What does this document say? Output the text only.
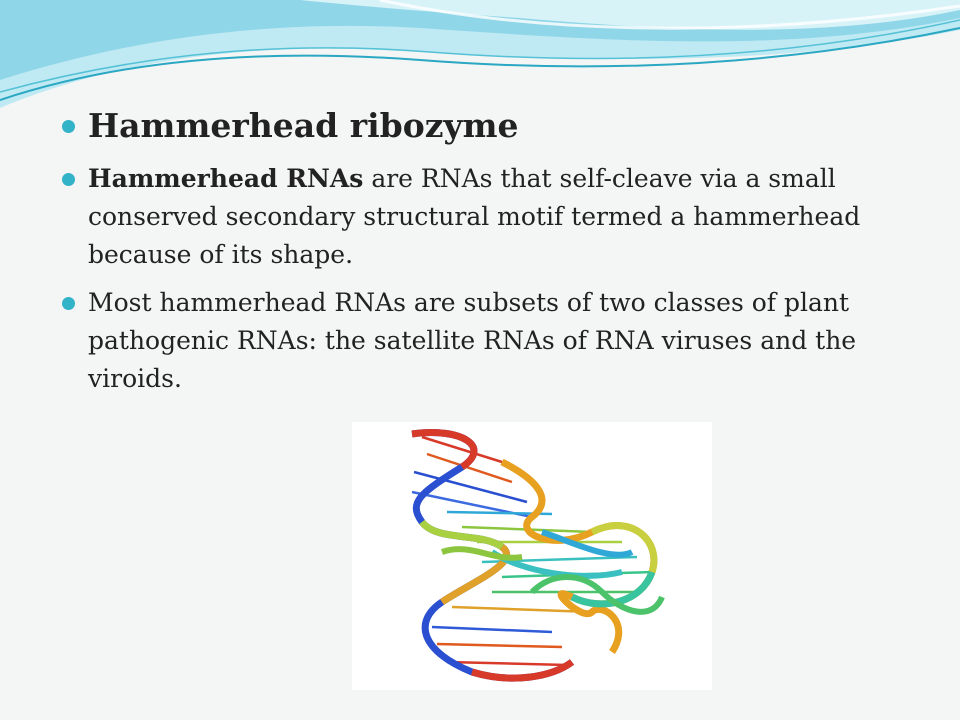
Hammerhead ribozyme
Hammerhead RNAs are RNAs that self-cleave via a small conserved secondary structural motif termed a hammerhead because of its shape.
Most hammerhead RNAs are subsets of two classes of plant pathogenic RNAs: the satellite RNAs of RNA viruses and the viroids.
